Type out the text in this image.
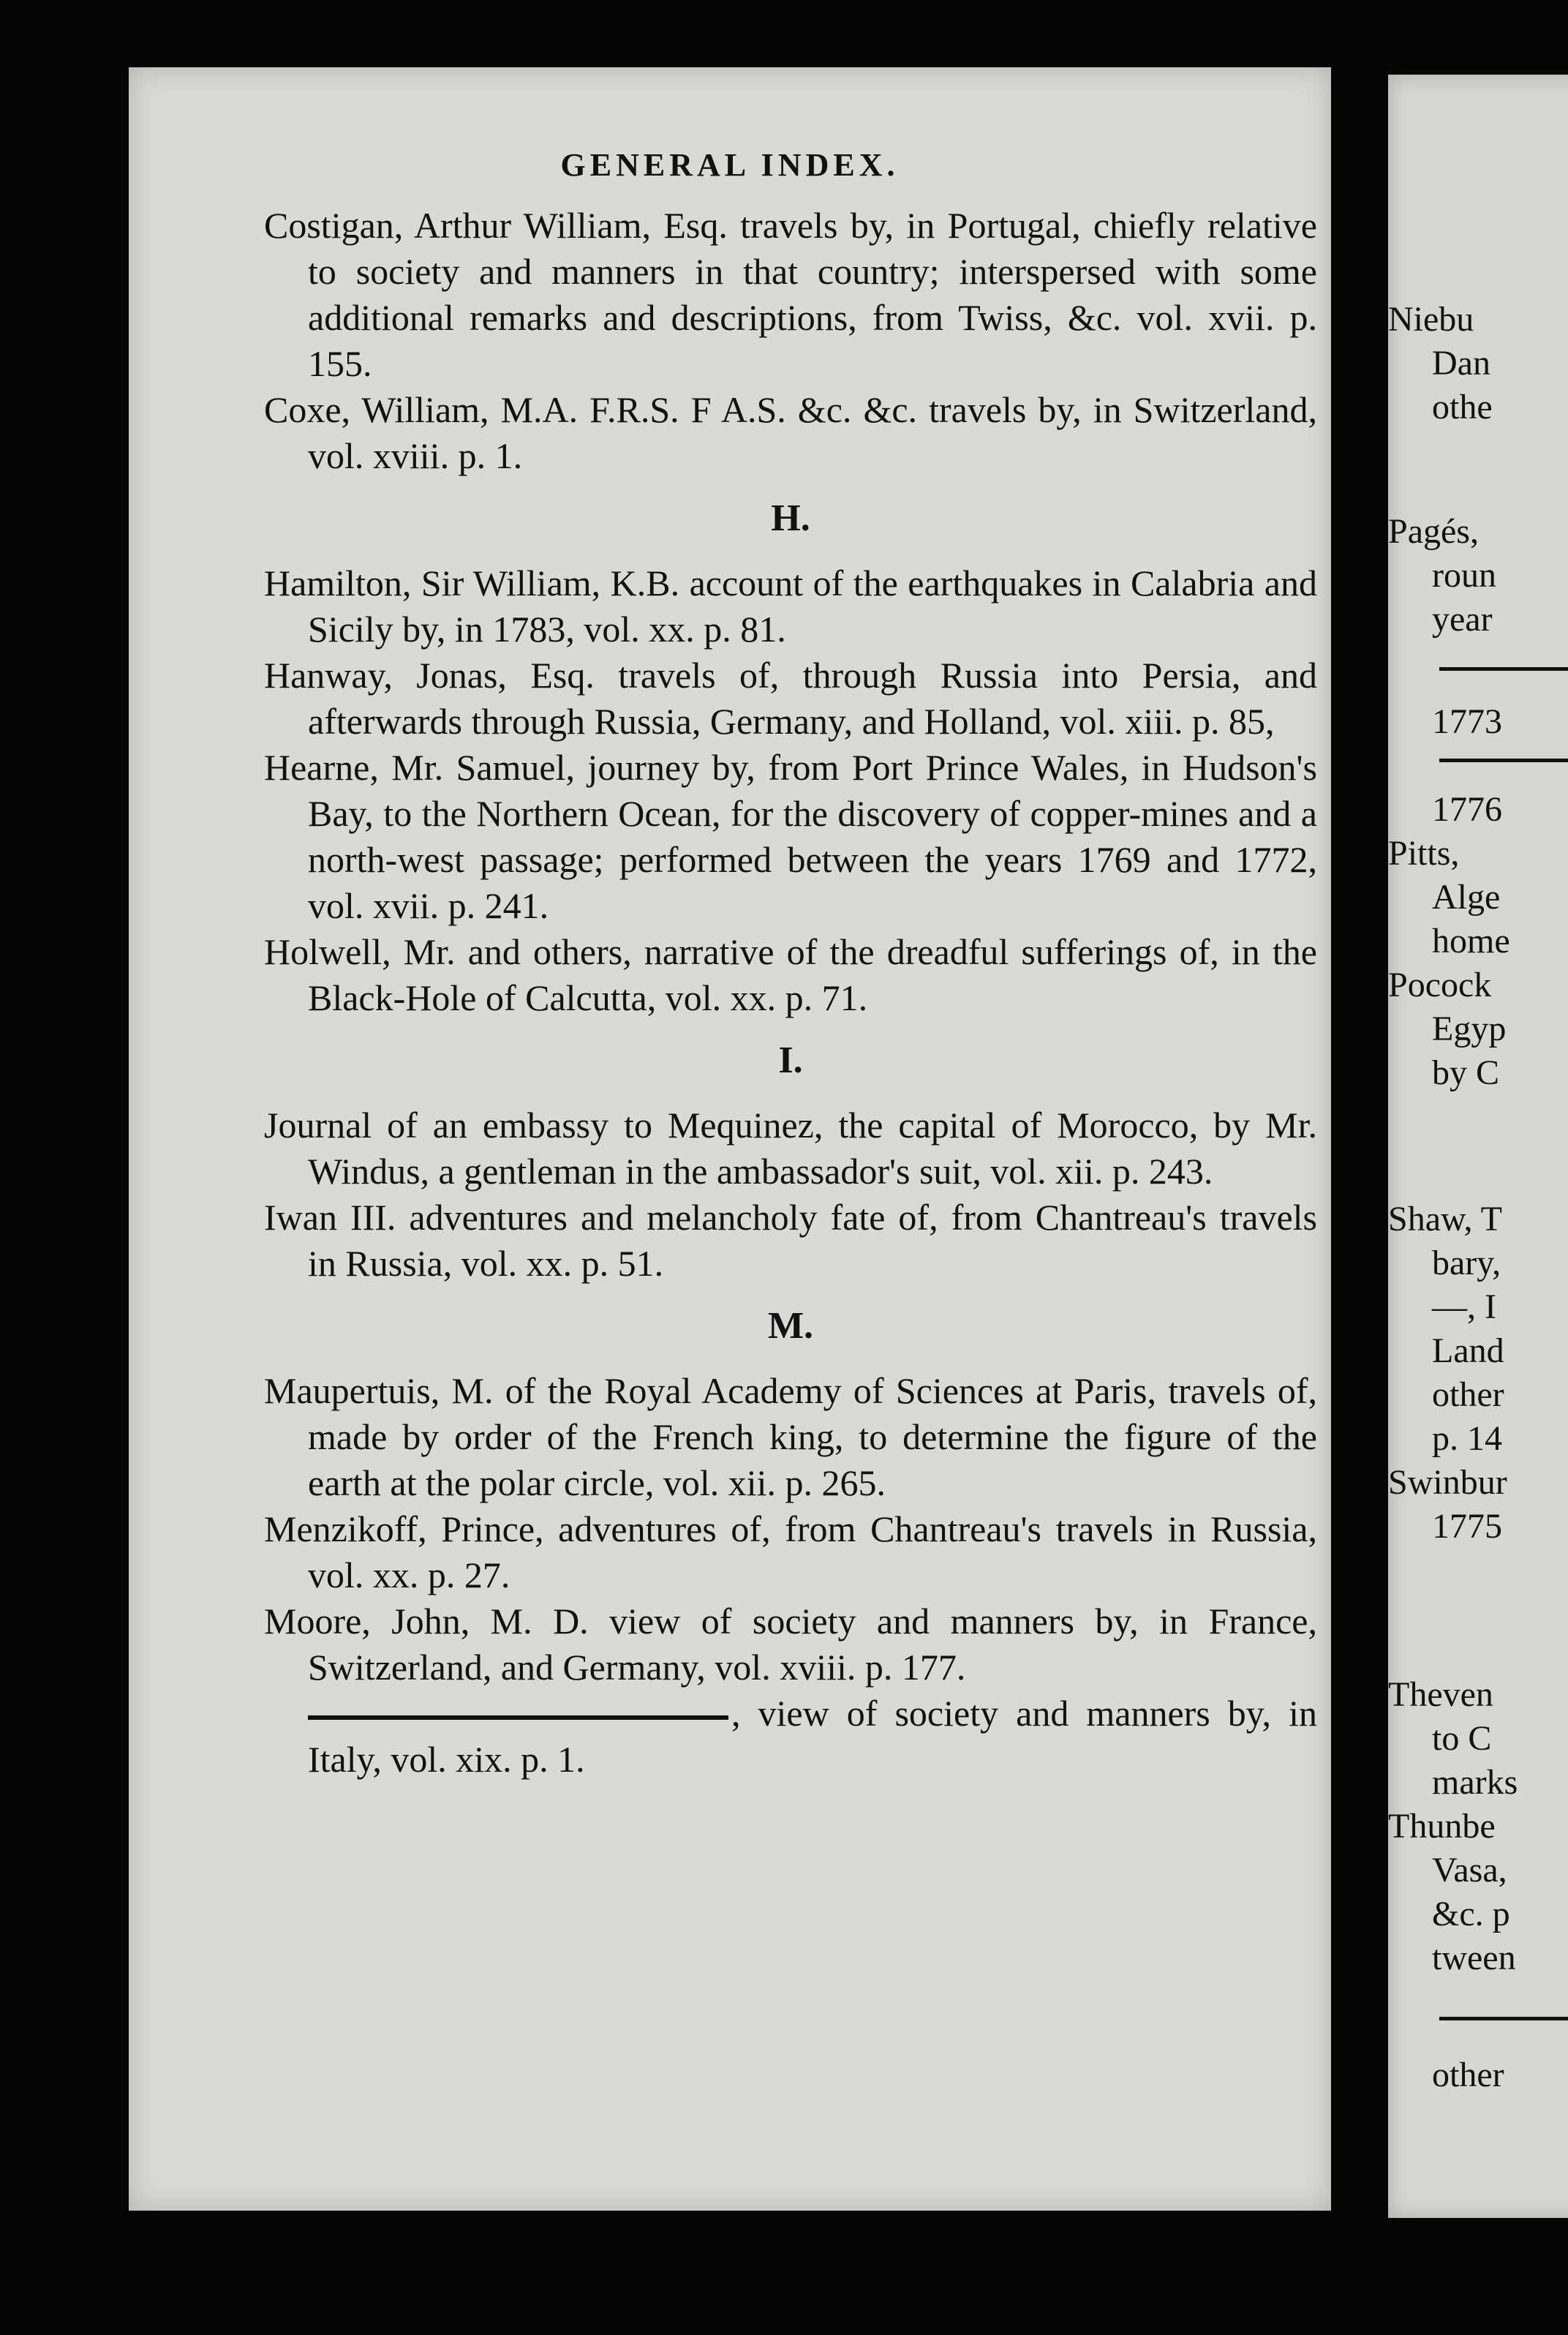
GENERAL INDEX.
Costigan, Arthur William, Esq. travels by, in Portugal, chiefly relative to society and manners in that country; interspersed with some additional remarks and descriptions, from Twiss, &c. vol. xvii. p. 155.
Coxe, William, M.A. F.R.S. F A.S. &c. &c. travels by, in Switzerland, vol. xviii. p. 1.
H.
Hamilton, Sir William, K.B. account of the earthquakes in Calabria and Sicily by, in 1783, vol. xx. p. 81.
Hanway, Jonas, Esq. travels of, through Russia into Persia, and afterwards through Russia, Germany, and Holland, vol. xiii. p. 85,
Hearne, Mr. Samuel, journey by, from Port Prince Wales, in Hudson's Bay, to the Northern Ocean, for the discovery of copper-mines and a north-west passage; performed between the years 1769 and 1772, vol. xvii. p. 241.
Holwell, Mr. and others, narrative of the dreadful sufferings of, in the Black-Hole of Calcutta, vol. xx. p. 71.
I.
Journal of an embassy to Mequinez, the capital of Morocco, by Mr. Windus, a gentleman in the ambassador's suit, vol. xii. p. 243.
Iwan III. adventures and melancholy fate of, from Chantreau's travels in Russia, vol. xx. p. 51.
M.
Maupertuis, M. of the Royal Academy of Sciences at Paris, travels of, made by order of the French king, to determine the figure of the earth at the polar circle, vol. xii. p. 265.
Menzikoff, Prince, adventures of, from Chantreau's travels in Russia, vol. xx. p. 27.
Moore, John, M. D. view of society and manners by, in France, Switzerland, and Germany, vol. xviii. p. 177.
, view of society and manners by, in Italy, vol. xix. p. 1.
Niebu
Dan
othe
Pagés,
roun
year
1773
1776
Pitts,
Alge
home
Pocock
Egyp
by C
Shaw, T
bary,
—, I
Land
other
p. 14
Swinbur
1775
Theven
to C
marks
Thunbe
Vasa,
&c. p
tween
other
